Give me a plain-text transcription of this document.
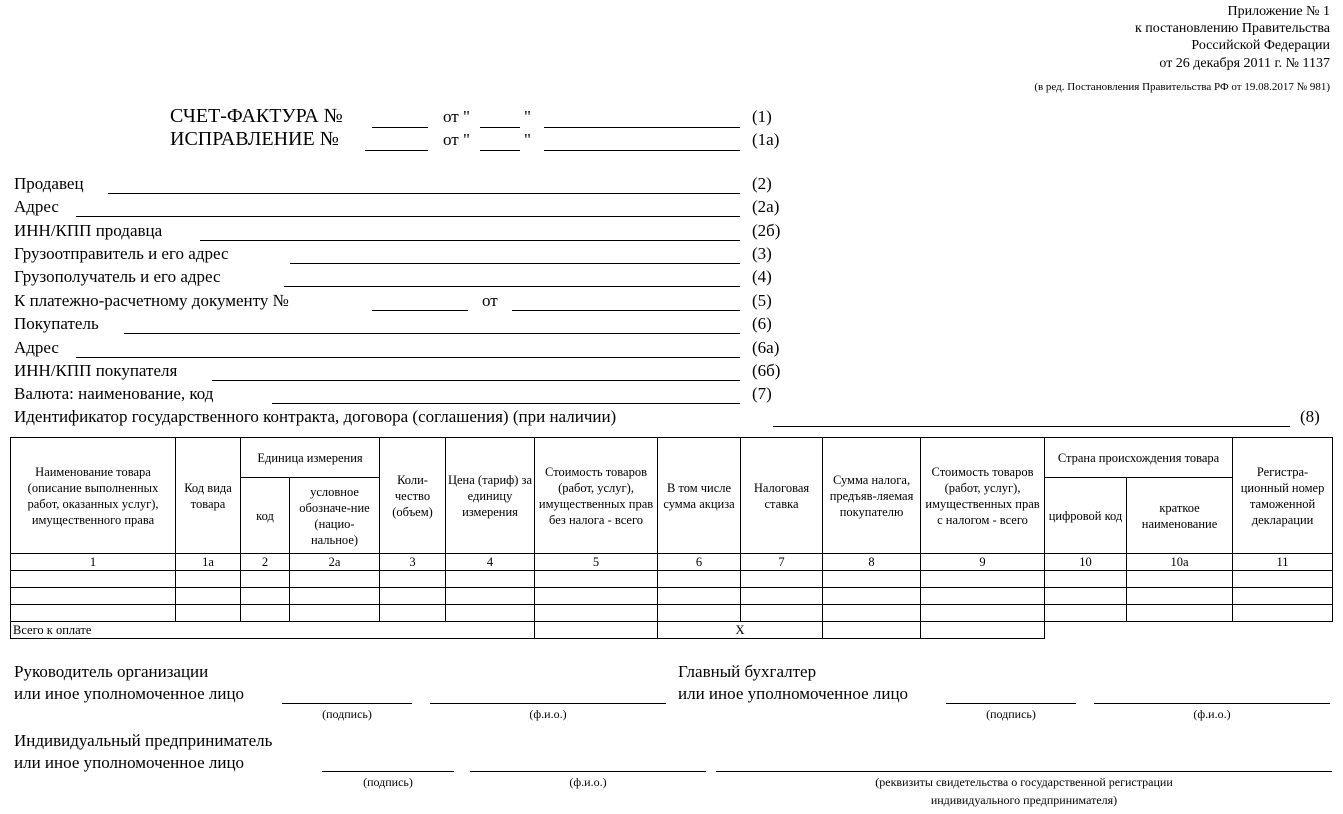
Приложение № 1
к постановлению Правительства
Российской Федерации
от 26 декабря 2011 г. № 1137
(в ред. Постановления Правительства РФ от 19.08.2017 № 981)
СЧЕТ-ФАКТУРА №	от "	"	(1)
ИСПРАВЛЕНИЕ №	от "	"	(1а)
Продавец	(2)
Адрес	(2а)
ИНН/КПП продавца	(2б)
Грузоотправитель и его адрес	(3)
Грузополучатель и его адрес	(4)
К платежно-расчетному документу №	от	(5)
Покупатель	(6)
Адрес	(6а)
ИНН/КПП покупателя	(6б)
Валюта: наименование, код	(7)
Идентификатор государственного контракта, договора (соглашения) (при наличии)	(8)
Наименование товара (описание выполненных работ, оказанных услуг), имущественного права	Код вида товара	Единица измерения		Коли-чество (объем)	Цена (тариф) за единицу измерения	Стоимость товаров (работ, услуг), имущественных прав без налога - всего	В том числе сумма акциза	Налоговая ставка	Сумма налога, предъяв-ляемая покупателю	Стоимость товаров (работ, услуг), имущественных прав с налогом - всего	Страна происхождения товара		Регистра-ционный номер таможенной декларации
		код	условное обозначе-ние (нацио-нальное)								цифровой код	краткое наименование	
1	1а	2	2а	3	4	5	6	7	8	9	10	10а	11

Всего к оплате							X						
Руководитель организации
или иное уполномоченное лицо
(подпись)	(ф.и.о.)
Главный бухгалтер
или иное уполномоченное лицо
(подпись)	(ф.и.о.)
Индивидуальный предприниматель
или иное уполномоченное лицо
(подпись)	(ф.и.о.)	(реквизиты свидетельства о государственной регистрации
индивидуального предпринимателя)
